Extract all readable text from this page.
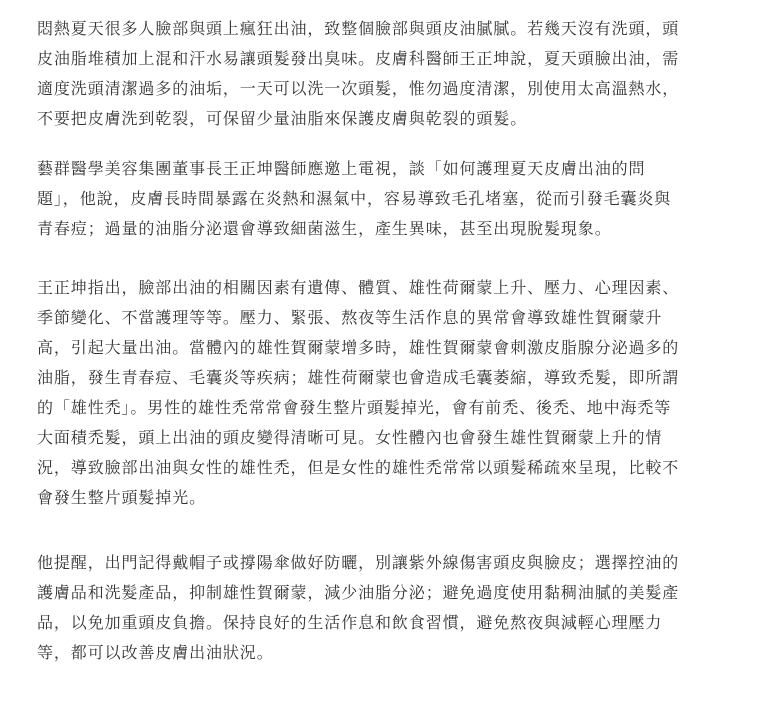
悶熱夏天很多人臉部與頭上瘋狂出油，致整個臉部與頭皮油膩膩。若幾天沒有洗頭，頭
皮油脂堆積加上混和汗水易讓頭髮發出臭味。皮膚科醫師王正坤說，夏天頭臉出油，需
適度洗頭清潔過多的油垢，一天可以洗一次頭髮，惟勿過度清潔，別使用太高溫熱水，
不要把皮膚洗到乾裂，可保留少量油脂來保護皮膚與乾裂的頭髮。

藝群醫學美容集團董事長王正坤醫師應邀上電視，談「如何護理夏天皮膚出油的問
題」，他說，皮膚長時間暴露在炎熱和濕氣中，容易導致毛孔堵塞，從而引發毛囊炎與
青春痘；過量的油脂分泌還會導致細菌滋生，產生異味，甚至出現脫髮現象。

王正坤指出，臉部出油的相關因素有遺傳、體質、雄性荷爾蒙上升、壓力、心理因素、
季節變化、不當護理等等。壓力、緊張、熬夜等生活作息的異常會導致雄性賀爾蒙升
高，引起大量出油。當體內的雄性賀爾蒙增多時，雄性賀爾蒙會刺激皮脂腺分泌過多的
油脂，發生青春痘、毛囊炎等疾病；雄性荷爾蒙也會造成毛囊萎縮，導致禿髮，即所謂
的「雄性禿」。男性的雄性禿常常會發生整片頭髮掉光，會有前禿、後禿、地中海禿等
大面積禿髮，頭上出油的頭皮變得清晰可見。女性體內也會發生雄性賀爾蒙上升的情
況，導致臉部出油與女性的雄性禿，但是女性的雄性禿常常以頭髮稀疏來呈現，比較不
會發生整片頭髮掉光。

他提醒，出門記得戴帽子或撐陽傘做好防曬，別讓紫外線傷害頭皮與臉皮；選擇控油的
護膚品和洗髮產品，抑制雄性賀爾蒙，減少油脂分泌；避免過度使用黏稠油膩的美髮產
品，以免加重頭皮負擔。保持良好的生活作息和飲食習慣，避免熬夜與減輕心理壓力
等，都可以改善皮膚出油狀況。
